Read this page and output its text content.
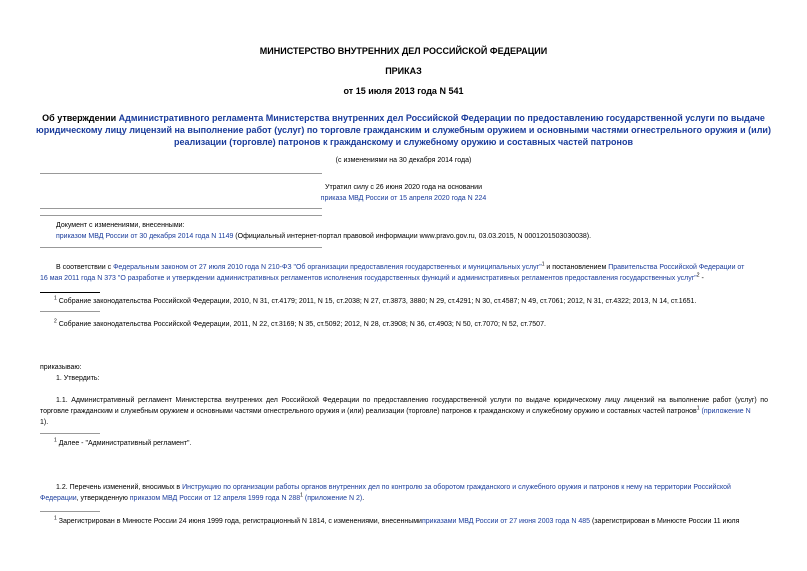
МИНИСТЕРСТВО ВНУТРЕННИХ ДЕЛ РОССИЙСКОЙ ФЕДЕРАЦИИ
ПРИКАЗ
от 15 июля 2013 года N 541
Об утверждении Административного регламента Министерства внутренних дел Российской Федерации по предоставлению государственной услуги по выдаче
юридическому лицу лицензий на выполнение работ (услуг) по торговле гражданским и служебным оружием и основными частями огнестрельного оружия и (или)
реализации (торговле) патронов к гражданскому и служебному оружию и составных частей патронов
(с изменениями на 30 декабря 2014 года)
Утратил силу с 26 июня 2020 года на основании
приказа МВД России от 15 апреля 2020 года N 224
Документ с изменениями, внесенными:
приказом МВД России от 30 декабря 2014 года N 1149 (Официальный интернет-портал правовой информации www.pravo.gov.ru, 03.03.2015, N 0001201503030038).
В соответствии с Федеральным законом от 27 июля 2010 года N 210-ФЗ "Об организации предоставления государственных и муниципальных услуг"$^1$ и постановлением Правительства Российской Федерации от
16 мая 2011 года N 373 "О разработке и утверждении административных регламентов исполнения государственных функций и административных регламентов предоставления государственных услуг"$^2$ -
$^1$ Собрание законодательства Российской Федерации, 2010, N 31, ст.4179; 2011, N 15, ст.2038; N 27, ст.3873, 3880; N 29, ст.4291; N 30, ст.4587; N 49, ст.7061; 2012, N 31, ст.4322; 2013, N 14, ст.1651.
$^2$ Собрание законодательства Российской Федерации, 2011, N 22, ст.3169; N 35, ст.5092; 2012, N 28, ст.3908; N 36, ст.4903; N 50, ст.7070; N 52, ст.7507.
приказываю:
1. Утвердить:
1.1. Административный регламент Министерства внутренних дел Российской Федерации по предоставлению государственной услуги по выдаче юридическому лицу лицензий на выполнение работ (услуг) по
торговле гражданским и служебным оружием и основными частями огнестрельного оружия и (или) реализации (торговле) патронов к гражданскому и служебному оружию и составных частей патронов$^1$ (приложение N
1).
$^1$ Далее - "Административный регламент".
1.2. Перечень изменений, вносимых в Инструкцию по организации работы органов внутренних дел по контролю за оборотом гражданского и служебного оружия и патронов к нему на территории Российской
Федерации, утвержденную приказом МВД России от 12 апреля 1999 года N $288^1$ (приложение N 2).
$^1$ Зарегистрирован в Минюсте России 24 июня 1999 года, регистрационный N 1814, с изменениями, внесеннымиприказами МВД России от 27 июня 2003 года N 485 (зарегистрирован в Минюсте России 11 июля
